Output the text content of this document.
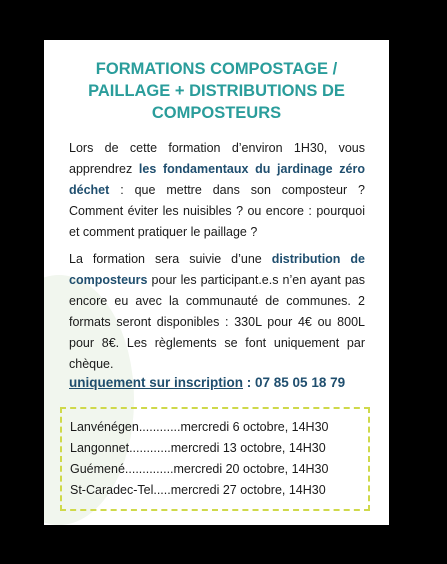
FORMATIONS COMPOSTAGE /
PAILLAGE + DISTRIBUTIONS DE
COMPOSTEURS

Lors de cette formation d’environ 1H30, vous apprendrez les fondamentaux du jardinage zéro déchet : que mettre dans son composteur ? Comment éviter les nuisibles ? ou encore : pourquoi et comment pratiquer le paillage ?

La formation sera suivie d’une distribution de composteurs pour les participant.e.s n’en ayant pas encore eu avec la communauté de communes. 2 formats seront disponibles : 330L pour 4€ ou 800L pour 8€. Les règlements se font uniquement par chèque.

uniquement sur inscription : 07 85 05 18 79

Lanvénégen............mercredi 6 octobre, 14H30
Langonnet............mercredi 13 octobre, 14H30
Guémené..............mercredi 20 octobre, 14H30
St-Caradec-Tel.....mercredi 27 octobre, 14H30
